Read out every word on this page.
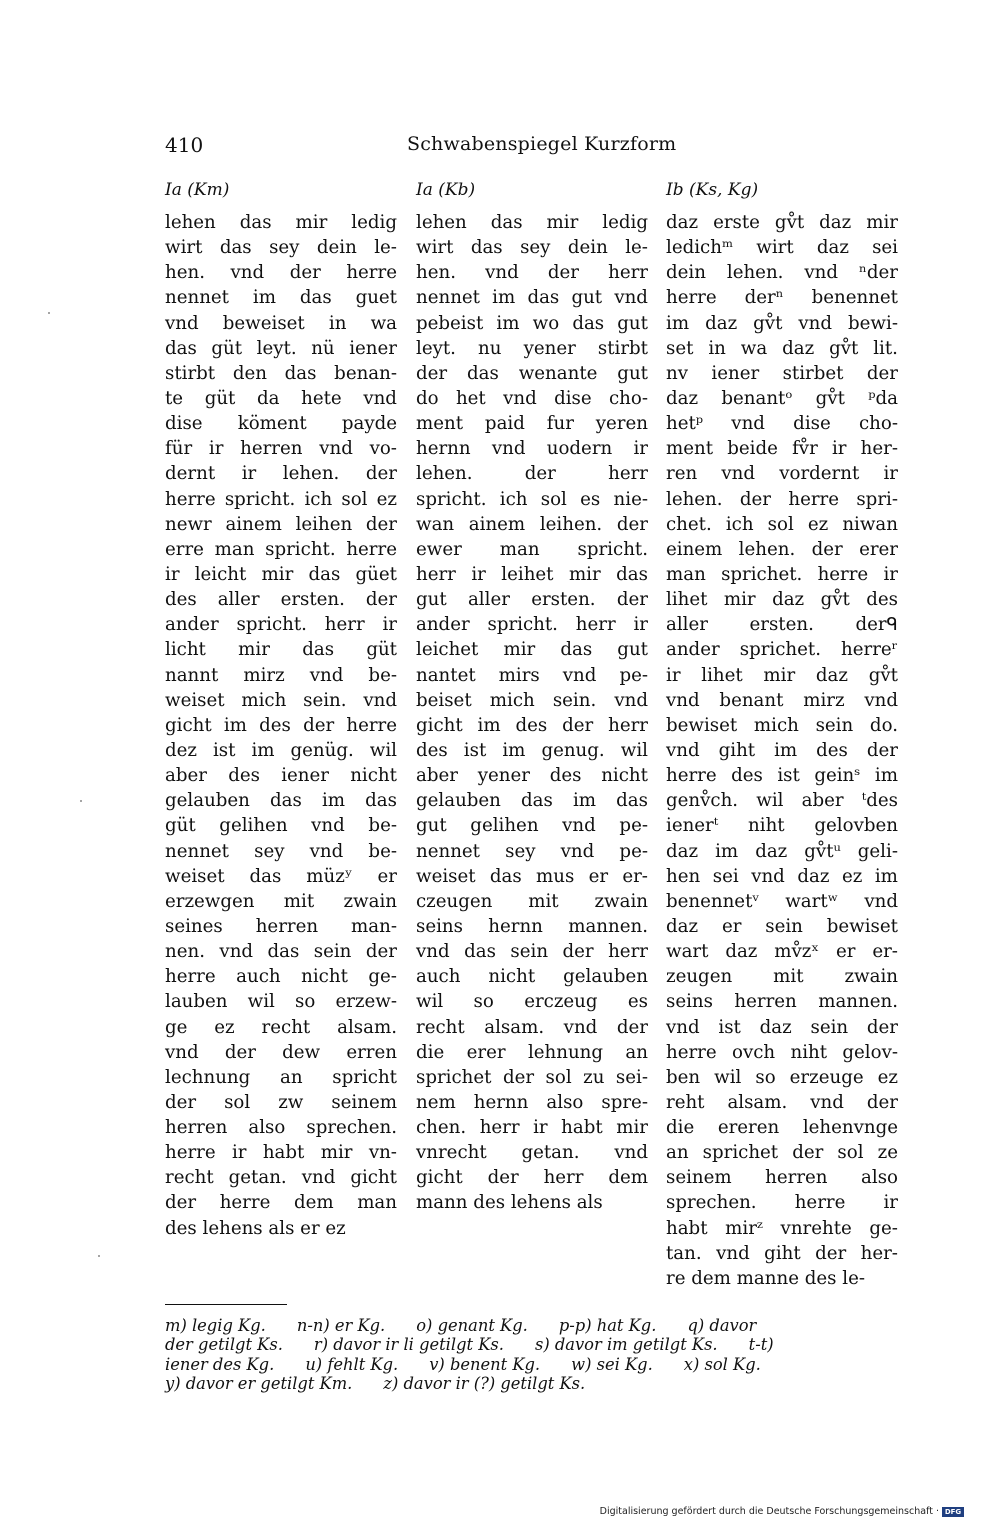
410	Schwabenspiegel Kurzform
Ia (Km)	Ia (Kb)	Ib (Ks, Kg)
lehen das mir ledig
wirt das sey dein le-
hen. vnd der herre
nennet im das guet
vnd beweiset in wa
das güt leyt. nü iener
stirbt den das benan-
te güt da hete vnd
dise köment payde
für ir herren vnd vo-
dernt ir lehen. der
herre spricht. ich sol ez
newr ainem leihen der
erre man spricht. herre
ir leicht mir das güet
des aller ersten. der
ander spricht. herr ir
licht mir das güt
nannt mirz vnd be-
weiset mich sein. vnd
gicht im des der herre
dez ist im genüg. wil
aber des iener nicht
gelauben das im das
güt gelihen vnd be-
nennet sey vnd be-
weiset das müzʸ er
erzewgen mit zwain
seines herren man-
nen. vnd das sein der
herre auch nicht ge-
lauben wil so erzew-
ge ez recht alsam.
vnd der dew erren
lechnung an spricht
der sol zw seinem
herren also sprechen.
herre ir habt mir vn-
recht getan. vnd gicht
der herre dem man
des lehens als er ez
lehen das mir ledig
wirt das sey dein le-
hen. vnd der herr
nennet im das gut vnd
pebeist im wo das gut
leyt. nu yener stirbt
der das wenante gut
do het vnd dise cho-
ment paid fur yeren
hernn vnd uodern ir
lehen.	der	herr
spricht. ich sol es nie-
wan ainem leihen. der
ewer man spricht.
herr ir leihet mir das
gut aller ersten. der
ander spricht. herr ir
leichet mir das gut
nantet mirs vnd pe-
beiset mich sein. vnd
gicht im des der herr
des ist im genug. wil
aber yener des nicht
gelauben das im das
gut gelihen vnd pe-
nennet sey vnd pe-
weiset das mus er er-
czeugen mit zwain
seins hernn mannen.
vnd das sein der herr
auch nicht gelauben
wil so erczeug es
recht alsam. vnd der
die erer lehnung an
sprichet der sol zu sei-
nem hernn also spre-
chen. herr ir habt mir
vnrecht getan. vnd
gicht der herr dem
mann des lehens als
daz erste gv̊t daz mir
ledichᵐ wirt daz sei
dein lehen. vnd ⁿder
herre derⁿ benennet
im daz gv̊t vnd bewi-
set in wa daz gv̊t lit.
nv iener stirbet der
daz benantᵒ gv̊t ᵖda
hetᵖ vnd dise cho-
ment beide fv̊r ir her-
ren vnd vordernt ir
lehen. der herre spri-
chet. ich sol ez niwan
einem lehen. der erer
man sprichet. herre ir
lihet mir daz gv̊t des
aller ersten. derᑫ
ander sprichet. herreʳ
ir lihet mir daz gv̊t
vnd benant mirz vnd
bewiset mich sein do.
vnd giht im des der
herre des ist geinˢ im
genv̊ch. wil aber ᵗdes
ienerᵗ niht gelovben
daz im daz gv̊tᵘ geli-
hen sei vnd daz ez im
benennetᵛ wartʷ vnd
daz er sein bewiset
wart daz mv̊zˣ er er-
zeugen mit zwain
seins herren mannen.
vnd ist daz sein der
herre ovch niht gelov-
ben wil so erzeuge ez
reht alsam. vnd der
die ereren lehenvnge
an sprichet der sol ze
seinem herren also
sprechen. herre ir
habt mirᶻ vnrehte ge-
tan. vnd giht der her-
re dem manne des le-
m) legig Kg.      n-n) er Kg.      o) genant Kg.      p-p) hat Kg.      q) davor
der getilgt Ks.      r) davor ir li getilgt Ks.      s) davor im getilgt Ks.      t-t)
iener des Kg.      u) fehlt Kg.      v) benent Kg.      w) sei Kg.      x) sol Kg.
y) davor er getilgt Km.      z) davor ir (?) getilgt Ks.
Digitalisierung gefördert durch die Deutsche Forschungsgemeinschaft · DFG
